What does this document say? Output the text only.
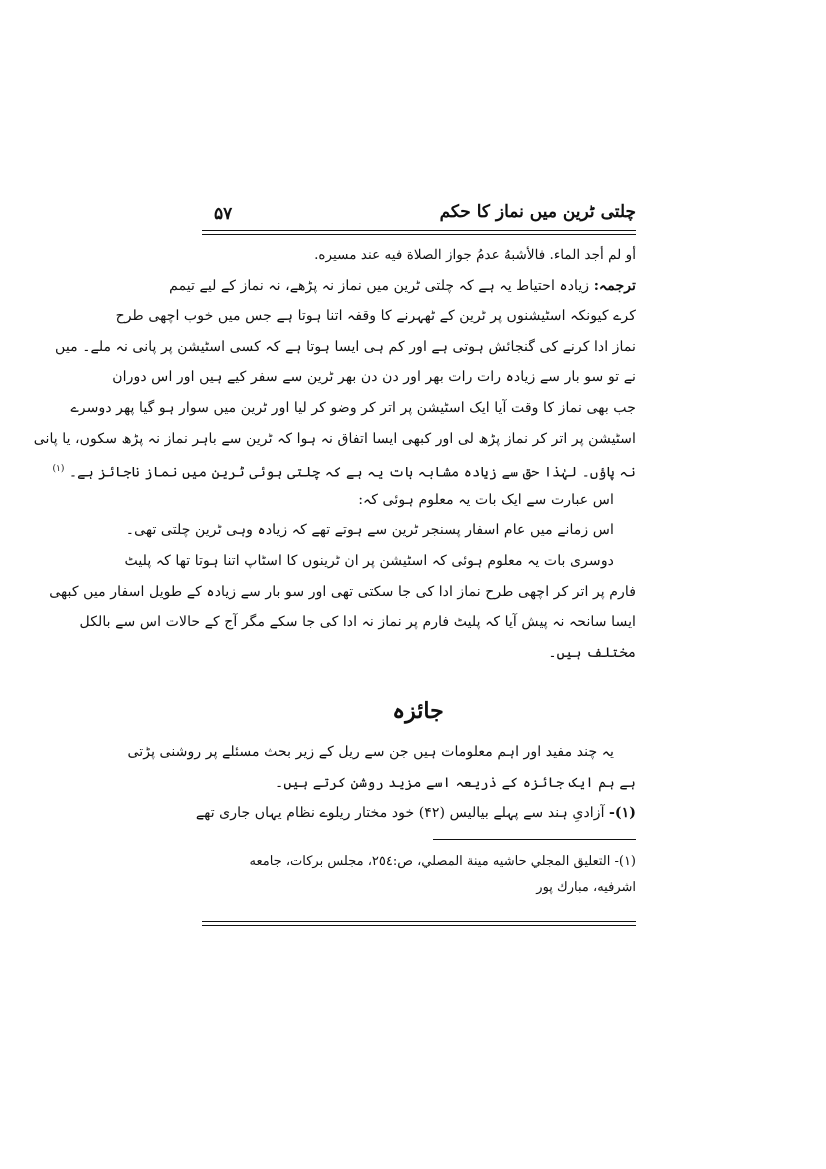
چلتی ٹرین میں نماز کا حکم
۵۷
أو لم أجد الماء. فالأشبهُ عدمُ جواز الصلاة فيه عند مسيره.
ترجمہ: زیادہ احتیاط یہ ہے کہ چلتی ٹرین میں نماز نہ پڑھے، نہ نماز کے لیے تیمم
کرے کیونکہ اسٹیشنوں پر ٹرین کے ٹھہرنے کا وقفہ اتنا ہوتا ہے جس میں خوب اچھی طرح
نماز ادا کرنے کی گنجائش ہوتی ہے اور کم ہی ایسا ہوتا ہے کہ کسی اسٹیشن پر پانی نہ ملے۔ میں
نے تو سو بار سے زیادہ رات رات بھر اور دن دن بھر ٹرین سے سفر کیے ہیں اور اس دوران
جب بھی نماز کا وقت آیا ایک اسٹیشن پر اتر کر وضو کر لیا اور ٹرین میں سوار ہو گیا پھر دوسرے
اسٹیشن پر اتر کر نماز پڑھ لی اور کبھی ایسا اتفاق نہ ہوا کہ ٹرین سے باہر نماز نہ پڑھ سکوں، یا پانی
نہ پاؤں۔ لہٰذا حق سے زیادہ مشابہ بات یہ ہے کہ چلتی ہوئی ٹرین میں نماز ناجائز ہے۔ $^{(۱)}$
اس عبارت سے ایک بات یہ معلوم ہوئی کہ:
اس زمانے میں عام اسفار پسنجر ٹرین سے ہوتے تھے کہ زیادہ وہی ٹرین چلتی تھی۔
دوسری بات یہ معلوم ہوئی کہ اسٹیشن پر ان ٹرینوں کا اسٹاپ اتنا ہوتا تھا کہ پلیٹ
فارم پر اتر کر اچھی طرح نماز ادا کی جا سکتی تھی اور سو بار سے زیادہ کے طویل اسفار میں کبھی
ایسا سانحہ نہ پیش آیا کہ پلیٹ فارم پر نماز نہ ادا کی جا سکے مگر آج کے حالات اس سے بالکل
مختلف ہیں۔
جائزہ
یہ چند مفید اور اہم معلومات ہیں جن سے ریل کے زیر بحث مسئلے پر روشنی پڑتی
ہے ہم ایک جائزہ کے ذریعہ اسے مزید روشن کرتے ہیں۔
(۱)- آزادیِ ہند سے پہلے بیالیس (۴۲) خود مختار ریلوے نظام یہاں جاری تھے
(۱)- التعليق المجلي حاشيه مينة المصلي، ص:٢٥٤، مجلس بركات، جامعه
اشرفيه، مبارك پور
